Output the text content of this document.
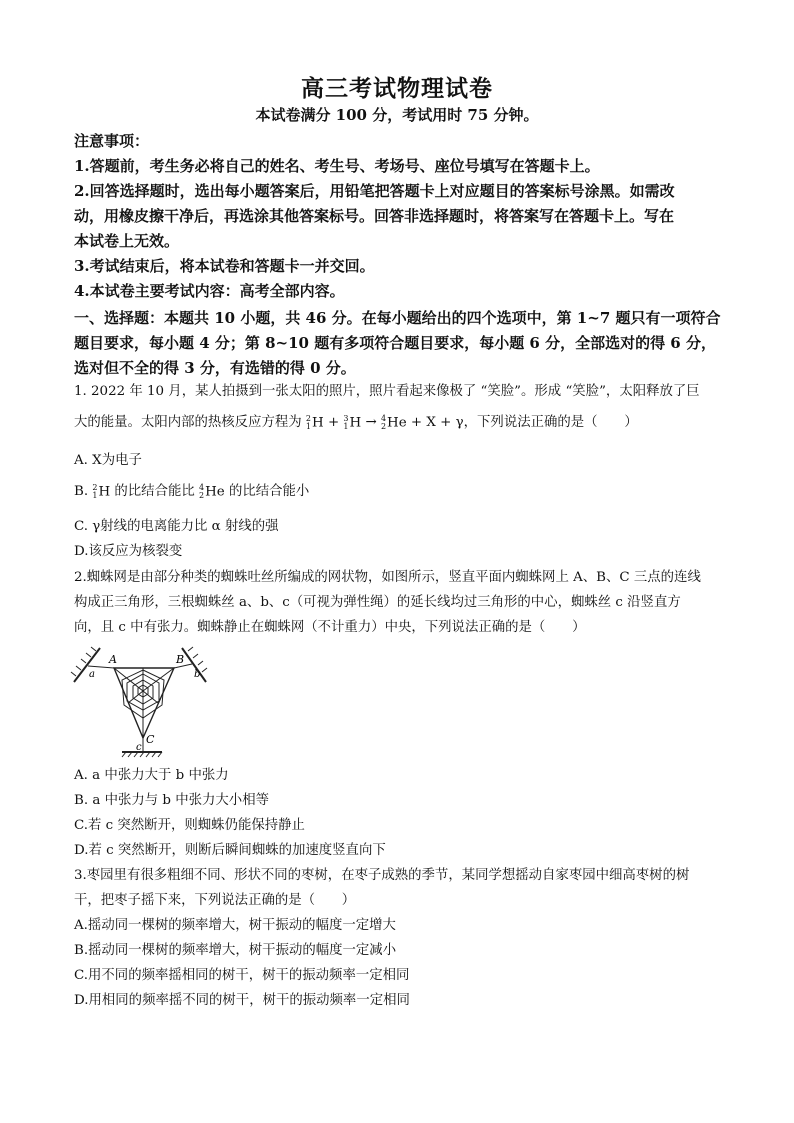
高三考试物理试卷
本试卷满分 100 分，考试用时 75 分钟。
注意事项：
1.答题前，考生务必将自己的姓名、考生号、考场号、座位号填写在答题卡上。
2.回答选择题时，选出每小题答案后，用铅笔把答题卡上对应题目的答案标号涂黑。如需改
动，用橡皮擦干净后，再选涂其他答案标号。回答非选择题时，将答案写在答题卡上。写在
本试卷上无效。
3.考试结束后，将本试卷和答题卡一并交回。
4.本试卷主要考试内容：高考全部内容。
一、选择题：本题共 10 小题，共 46 分。在每小题给出的四个选项中，第 1~7 题只有一项符合题目要求，每小题 4 分；第 8~10 题有多项符合题目要求，每小题 6 分，全部选对的得 6 分，选对但不全的得 3 分，有选错的得 0 分。
1. 2022 年 10 月，某人拍摄到一张太阳的照片，照片看起来像极了 “笑脸”。形成 “笑脸”，太阳释放了巨
大的能量。太阳内部的热核反应方程为 2
1H + 3
1H → 4
2He + X + γ，下列说法正确的是（　　）
A. X为电子
B. 2
1H 的比结合能比 4
2He 的比结合能小
C. γ射线的电离能力比 α 射线的强
D.该反应为核裂变
2.蜘蛛网是由部分种类的蜘蛛吐丝所编成的网状物，如图所示，竖直平面内蜘蛛网上 A、B、C 三点的连线
构成正三角形，三根蜘蛛丝 a、b、c（可视为弹性绳）的延长线均过三角形的中心，蜘蛛丝 c 沿竖直方
向，且 c 中有张力。蜘蛛静止在蜘蛛网（不计重力）中央，下列说法正确的是（　　）
A	B
C
a	b
c
A. a 中张力大于 b 中张力
B. a 中张力与 b 中张力大小相等
C.若 c 突然断开，则蜘蛛仍能保持静止
D.若 c 突然断开，则断后瞬间蜘蛛的加速度竖直向下
3.枣园里有很多粗细不同、形状不同的枣树，在枣子成熟的季节，某同学想摇动自家枣园中细高枣树的树
干，把枣子摇下来，下列说法正确的是（　　）
A.摇动同一棵树的频率增大，树干振动的幅度一定增大
B.摇动同一棵树的频率增大，树干振动的幅度一定减小
C.用不同的频率摇相同的树干，树干的振动频率一定相同
D.用相同的频率摇不同的树干，树干的振动频率一定相同
